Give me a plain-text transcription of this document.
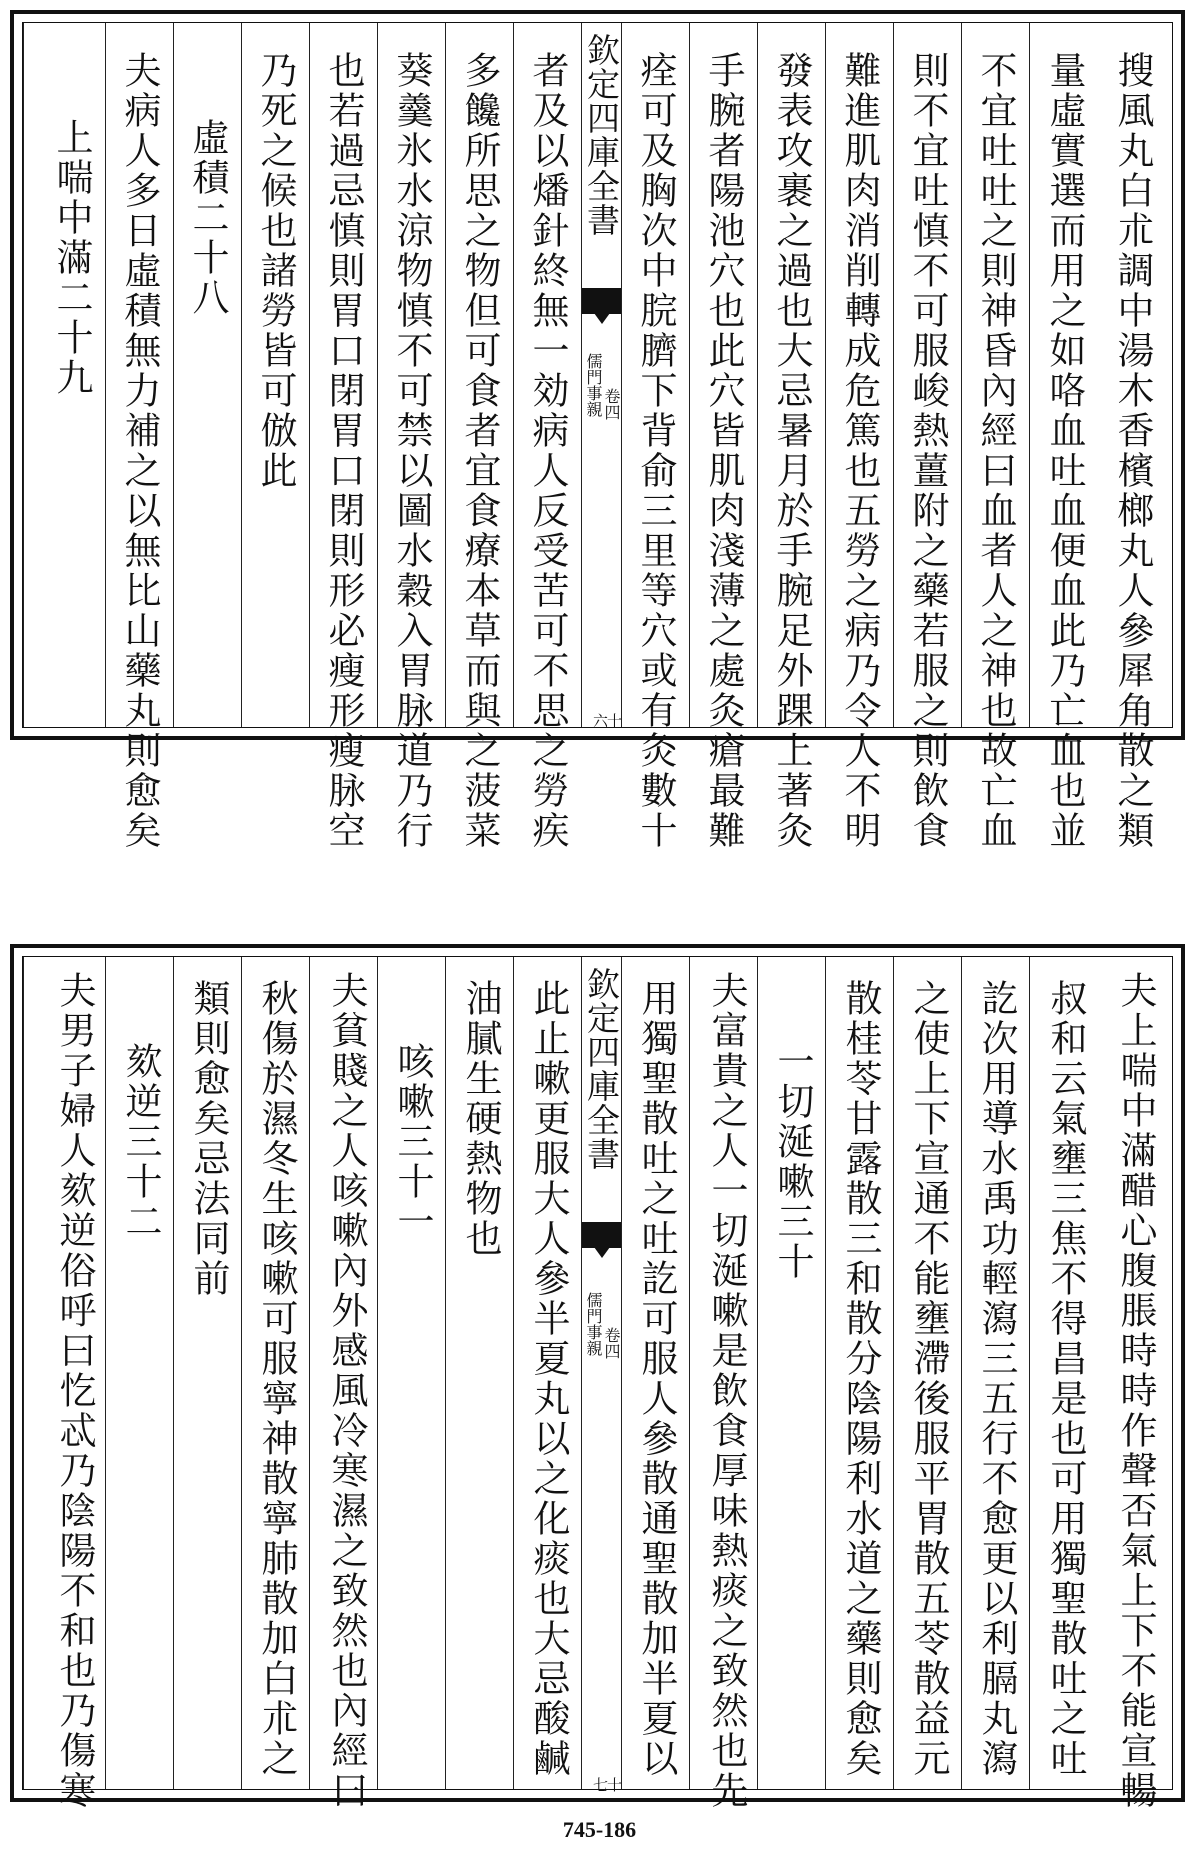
搜風丸白朮調中湯木香檳榔丸人參犀角散之類
量虛實選而用之如咯血吐血便血此乃亡血也並
不宜吐吐之則神昏內經曰血者人之神也故亡血
則不宜吐慎不可服峻熱薑附之藥若服之則飲食
難進肌肉消削轉成危篤也五勞之病乃令人不明
發表攻裹之過也大忌暑月於手腕足外踝上著灸
手腕者陽池穴也此穴皆肌肉淺薄之處灸瘡最難
痊可及胸次中脘臍下背俞三里等穴或有灸數十
欽定四庫全書
儒門事親 卷四
十六
者及以燔針終無一効病人反受苦可不思之勞疾
多饞所思之物但可食者宜食療本草而與之菠菜
葵羹氷水涼物慎不可禁以圖水穀入胃脉道乃行
也若過忌慎則胃口閉胃口閉則形必瘦形瘦脉空
乃死之候也諸勞皆可倣此
虛積二十八
夫病人多日虛積無力補之以無比山藥丸則愈矣
上喘中滿二十九
夫上喘中滿醋心腹脹時時作聲否氣上下不能宣暢
叔和云氣壅三焦不得昌是也可用獨聖散吐之吐
訖次用導水禹功輕瀉三五行不愈更以利膈丸瀉
之使上下宣通不能壅滯後服平胃散五苓散益元
散桂苓甘露散三和散分陰陽利水道之藥則愈矣
一切涎嗽三十
夫富貴之人一切涎嗽是飲食厚味熱痰之致然也先
用獨聖散吐之吐訖可服人參散通聖散加半夏以
欽定四庫全書
儒門事親 卷四
十七
此止嗽更服大人參半夏丸以之化痰也大忌酸鹹
油膩生硬熱物也
咳嗽三十一
夫貧賤之人咳嗽內外感風冷寒濕之致然也內經曰
秋傷於濕冬生咳嗽可服寧神散寧肺散加白朮之
類則愈矣忌法同前
欬逆三十二
夫男子婦人欬逆俗呼曰忔忒乃陰陽不和也乃傷寒
745-186
